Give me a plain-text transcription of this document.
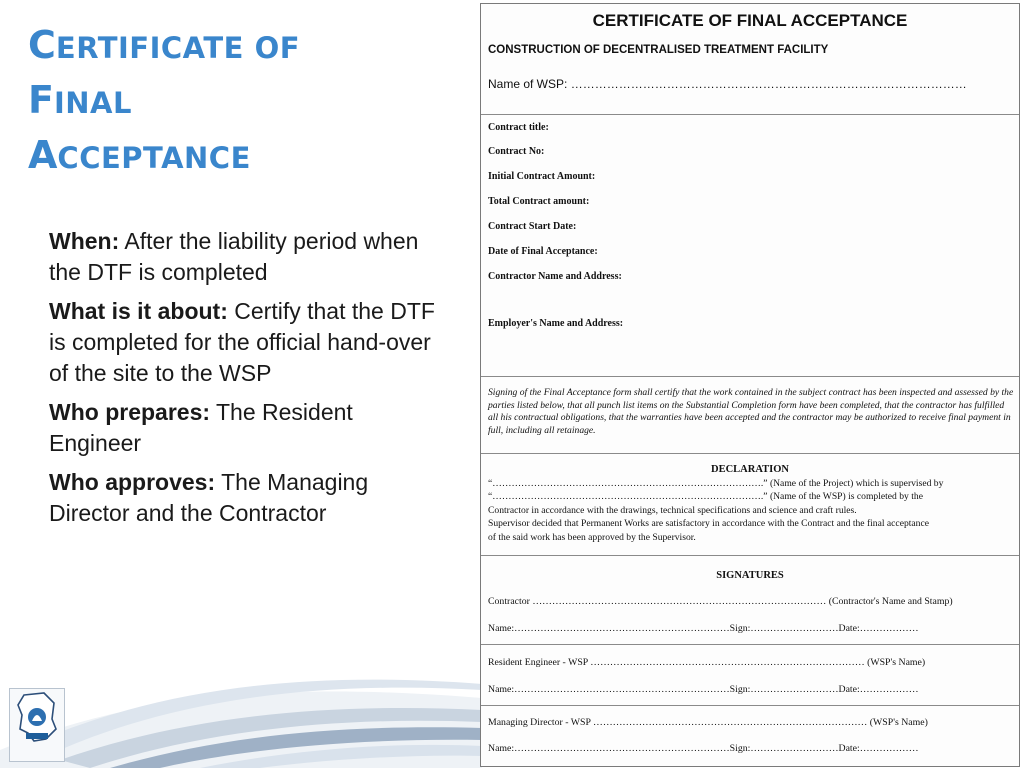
CERTIFICATE OF
FINAL
ACCEPTANCE

When: After the liability period when the DTF is completed

What is it about: Certify that the DTF is completed for the official hand-over of the site to the WSP

Who prepares: The Resident Engineer

Who approves: The Managing Director and the Contractor

CERTIFICATE OF FINAL ACCEPTANCE
CONSTRUCTION OF DECENTRALISED TREATMENT FACILITY
Name of WSP: ………………………………………………………………………………………
Contract title:
Contract No:
Initial Contract Amount:
Total Contract amount:
Contract Start Date:
Date of Final Acceptance:
Contractor Name and Address:
Employer's Name and Address:
Signing of the Final Acceptance form shall certify that the work contained in the subject contract has been inspected and assessed by the parties listed below, that all punch list items on the Substantial Completion form have been completed, that the contractor has fulfilled all his contractual obligations, that the warranties have been accepted and the contractor may be authorized to receive final payment in full, including all retainage.
DECLARATION
“………………………………………………………………………….” (Name of the Project) which is supervised by
“………………………………………………………………………….” (Name of the WSP) is completed by the
Contractor in accordance with the drawings, technical specifications and science and craft rules.
Supervisor decided that Permanent Works are satisfactory in accordance with the Contract and the final acceptance
of the said work has been approved by the Supervisor.
SIGNATURES
Contractor ……………………………………………………………………………… (Contractor's Name and Stamp)
Name:…………………………………………………………Sign:………………………Date:………………
Resident Engineer - WSP ………………………………………………………………………… (WSP's Name)
Name:…………………………………………………………Sign:………………………Date:………………
Managing Director - WSP ………………………………………………………………………… (WSP's Name)
Name:…………………………………………………………Sign:………………………Date:………………
